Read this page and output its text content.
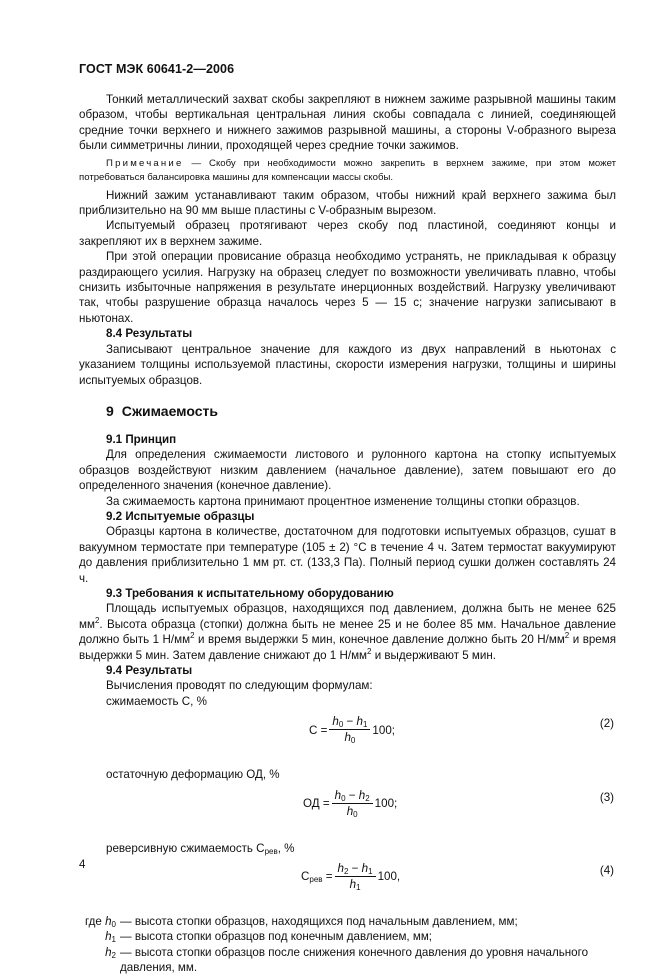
ГОСТ МЭК 60641-2—2006

Тонкий металлический захват скобы закрепляют в нижнем зажиме разрывной машины таким образом, чтобы вертикальная центральная линия скобы совпадала с линией, соединяющей средние точки верхнего и нижнего зажимов разрывной машины, а стороны V-образного выреза были симметричны линии, проходящей через средние точки зажимов.

Примечание — Скобу при необходимости можно закрепить в верхнем зажиме, при этом может потребоваться балансировка машины для компенсации массы скобы.

Нижний зажим устанавливают таким образом, чтобы нижний край верхнего зажима был приблизительно на 90 мм выше пластины с V-образным вырезом.

Испытуемый образец протягивают через скобу под пластиной, соединяют концы и закрепляют их в верхнем зажиме.

При этой операции провисание образца необходимо устранять, не прикладывая к образцу раздирающего усилия. Нагрузку на образец следует по возможности увеличивать плавно, чтобы снизить избыточные напряжения в результате инерционных воздействий. Нагрузку увеличивают так, чтобы разрушение образца началось через 5 — 15 с; значение нагрузки записывают в ньютонах.

8.4 Результаты

Записывают центральное значение для каждого из двух направлений в ньютонах с указанием толщины используемой пластины, скорости измерения нагрузки, толщины и ширины испытуемых образцов.

9 Сжимаемость

9.1 Принцип

Для определения сжимаемости листового и рулонного картона на стопку испытуемых образцов воздействуют низким давлением (начальное давление), затем повышают его до определенного значения (конечное давление).

За сжимаемость картона принимают процентное изменение толщины стопки образцов.

9.2 Испытуемые образцы

Образцы картона в количестве, достаточном для подготовки испытуемых образцов, сушат в вакуумном термостате при температуре (105 ± 2) °С в течение 4 ч. Затем термостат вакуумируют до давления приблизительно 1 мм рт. ст. (133,3 Па). Полный период сушки должен составлять 24 ч.

9.3 Требования к испытательному оборудованию

Площадь испытуемых образцов, находящихся под давлением, должна быть не менее 625 $мм^2$. Высота образца (стопки) должна быть не менее 25 и не более 85 мм. Начальное давление должно быть 1 $Н/мм^2$ и время выдержки 5 мин, конечное давление должно быть 20 $Н/мм^2$ и время выдержки 5 мин. Затем давление снижают до 1 $Н/мм^2$ и выдерживают 5 мин.

9.4 Результаты

Вычисления проводят по следующим формулам:

сжимаемость С, %

С
= $\frac{h_0 - h_1}{h_0} 100$;	(2)

остаточную деформацию ОД, %

ОД
= $\frac{h_0 - h_2}{h_0} 100$;	(3)

реверсивную сжимаемость $С_{рев}$, %

$С_{рев}$
= $\frac{h_2 - h_1}{h_1} 100$,	(4)
где $h_0$ — высота стопки образцов, находящихся под начальным давлением, мм;
$h_1$ — высота стопки образцов под конечным давлением, мм;
$h_2$ — высота стопки образцов после снижения конечного давления до уровня начального давления, мм.
4
